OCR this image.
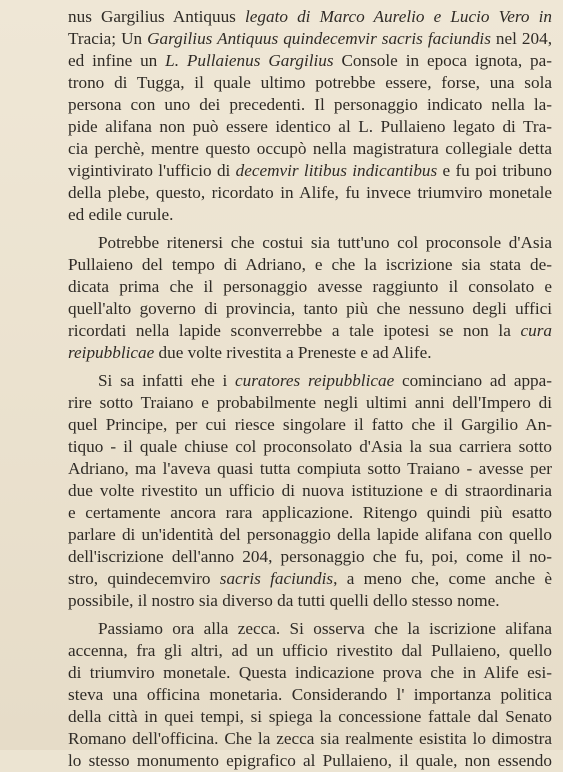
nus Gargilius Antiquus legato di Marco Aurelio e Lucio Vero in
Tracia; Un Gargilius Antiquus quindecemvir sacris faciundis nel 204,
ed infine un L. Pullaienus Gargilius Console in epoca ignota, pa-
trono di Tugga, il quale ultimo potrebbe essere, forse, una sola
persona con uno dei precedenti. Il personaggio indicato nella la-
pide alifana non può essere identico al L. Pullaieno legato di Tra-
cia perchè, mentre questo occupò nella magistratura collegiale detta
vigintivirato l'ufficio di decemvir litibus indicantibus e fu poi tribuno
della plebe, questo, ricordato in Alife, fu invece triumviro monetale
ed edile curule.
Potrebbe ritenersi che costui sia tutt'uno col proconsole d'Asia
Pullaieno del tempo di Adriano, e che la iscrizione sia stata de-
dicata prima che il personaggio avesse raggiunto il consolato e
quell'alto governo di provincia, tanto più che nessuno degli uffici
ricordati nella lapide sconverrebbe a tale ipotesi se non la cura
reipubblicae due volte rivestita a Preneste e ad Alife.
Si sa infatti ehe i curatores reipubblicae cominciano ad appa-
rire sotto Traiano e probabilmente negli ultimi anni dell'Impero di
quel Principe, per cui riesce singolare il fatto che il Gargilio An-
tiquo - il quale chiuse col proconsolato d'Asia la sua carriera sotto
Adriano, ma l'aveva quasi tutta compiuta sotto Traiano - avesse per
due volte rivestito un ufficio di nuova istituzione e di straordinaria
e certamente ancora rara applicazione. Ritengo quindi più esatto
parlare di un'identità del personaggio della lapide alifana con quello
dell'iscrizione dell'anno 204, personaggio che fu, poi, come il no-
stro, quindecemviro sacris faciundis, a meno che, come anche è
possibile, il nostro sia diverso da tutti quelli dello stesso nome.
Passiamo ora alla zecca. Si osserva che la iscrizione alifana
accenna, fra gli altri, ad un ufficio rivestito dal Pullaieno, quello
di triumviro monetale. Questa indicazione prova che in Alife esi-
steva una officina monetaria. Considerando l' importanza politica
della città in quei tempi, si spiega la concessione fattale dal Senato
Romano dell'officina. Che la zecca sia realmente esistita lo dimostra
lo stesso monumento epigrafico al Pullaieno, il quale, non essendo
